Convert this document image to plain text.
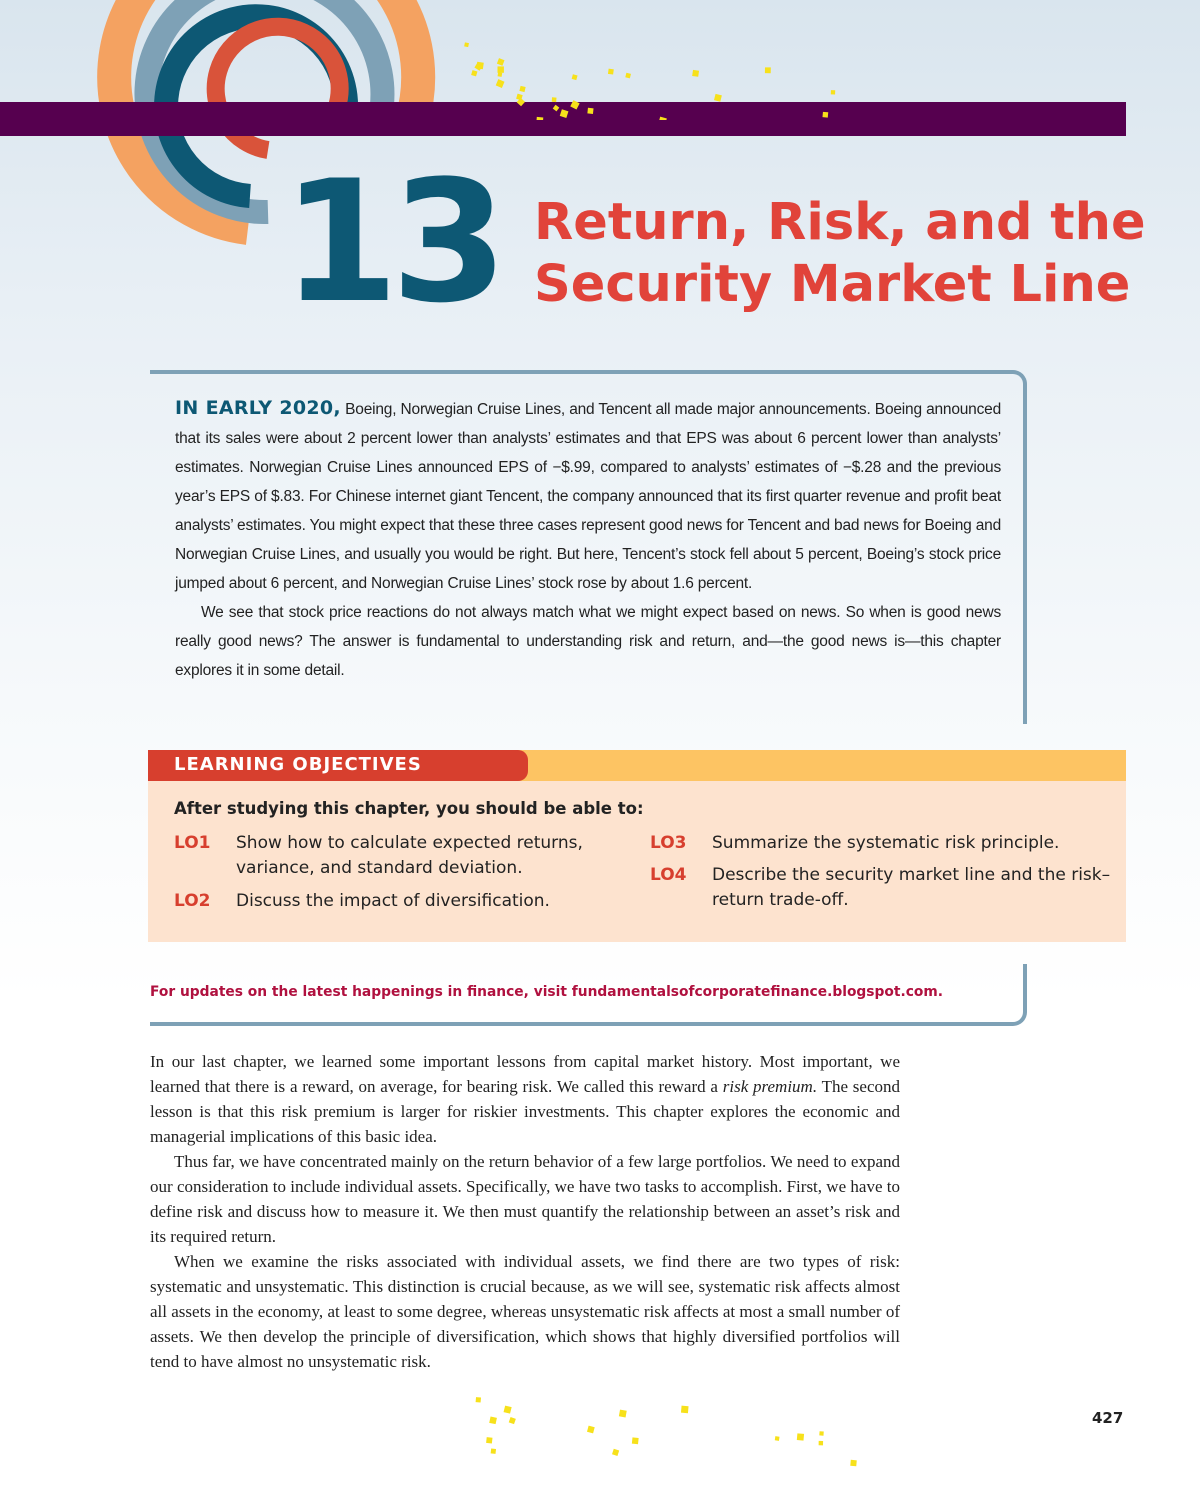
13 Return, Risk, and the
Security Market Line

IN EARLY 2020, Boeing, Norwegian Cruise Lines, and Tencent all made major announcements. Boeing announced that its sales were about 2 percent lower than analysts’ estimates and that EPS was about 6 percent lower than analysts’ estimates. Norwegian Cruise Lines announced EPS of −$.99, compared to analysts’ estimates of −$.28 and the previous year’s EPS of $.83. For Chinese internet giant Tencent, the company announced that its first quarter revenue and profit beat analysts’ estimates. You might expect that these three cases represent good news for Tencent and bad news for Boeing and Norwegian Cruise Lines, and usually you would be right. But here, Tencent’s stock fell about 5 percent, Boeing’s stock price jumped about 6 percent, and Norwegian Cruise Lines’ stock rose by about 1.6 percent.

We see that stock price reactions do not always match what we might expect based on news. So when is good news really good news? The answer is fundamental to understanding risk and return, and—the good news is—this chapter explores it in some detail.

LEARNING OBJECTIVES
After studying this chapter, you should be able to:
LO1 Show how to calculate expected returns, variance, and standard deviation.
LO2 Discuss the impact of diversification.
LO3 Summarize the systematic risk principle.
LO4 Describe the security market line and the risk–return trade-off.
For updates on the latest happenings in finance, visit fundamentalsofcorporatefinance.blogspot.com.

In our last chapter, we learned some important lessons from capital market history. Most important, we learned that there is a reward, on average, for bearing risk. We called this reward a risk premium. The second lesson is that this risk premium is larger for riskier investments. This chapter explores the economic and managerial implications of this basic idea.

Thus far, we have concentrated mainly on the return behavior of a few large portfolios. We need to expand our consideration to include individual assets. Specifically, we have two tasks to accomplish. First, we have to define risk and discuss how to measure it. We then must quantify the relationship between an asset’s risk and its required return.

When we examine the risks associated with individual assets, we find there are two types of risk: systematic and unsystematic. This distinction is crucial because, as we will see, systematic risk affects almost all assets in the economy, at least to some degree, whereas unsystematic risk affects at most a small number of assets. We then develop the principle of diversification, which shows that highly diversified portfolios will tend to have almost no unsystematic risk.

427
